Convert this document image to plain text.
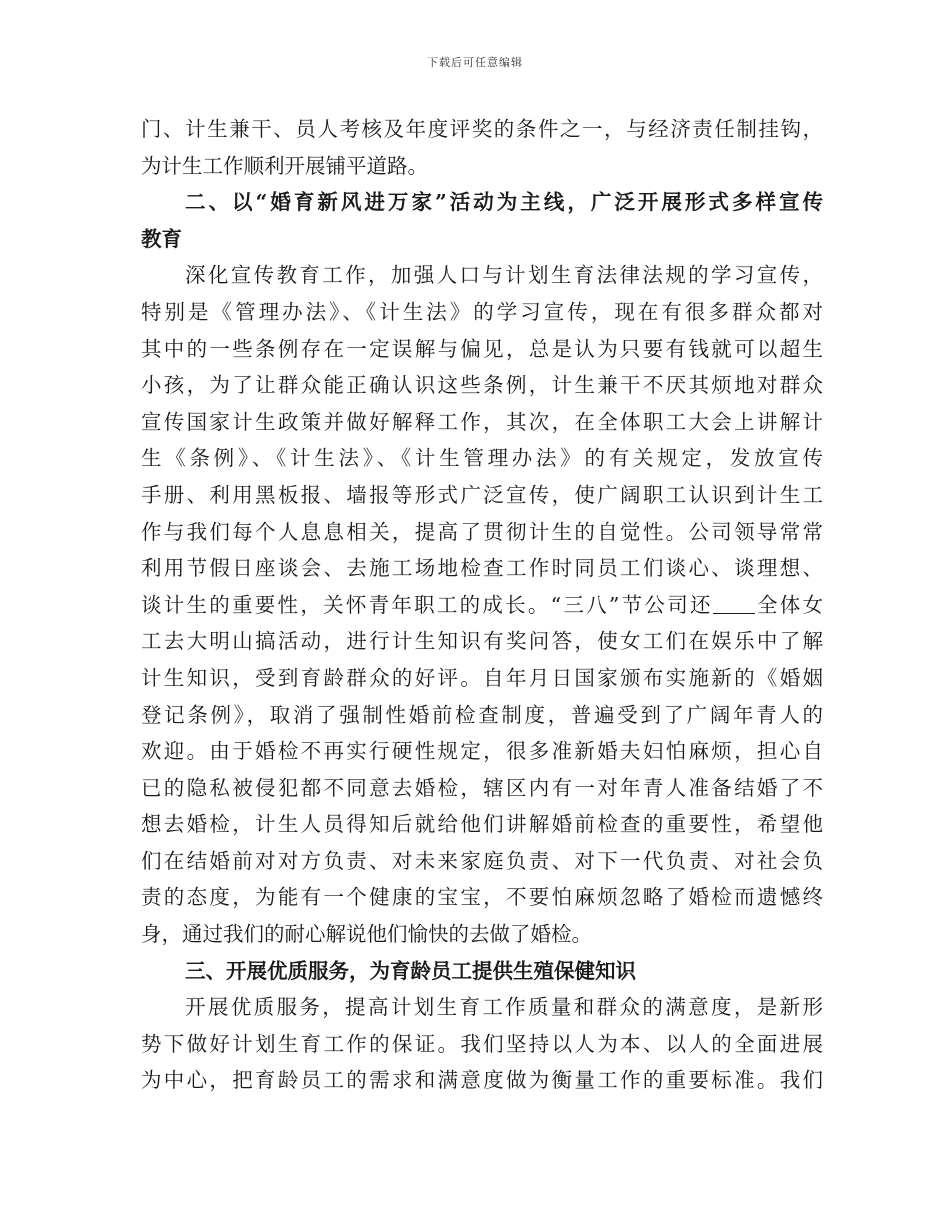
下载后可任意编辑
门、计生兼干、员人考核及年度评奖的条件之一，与经济责任制挂钩，
为计生工作顺利开展铺平道路。
二、以“婚育新风进万家”活动为主线，广泛开展形式多样宣传
教育
深化宣传教育工作，加强人口与计划生育法律法规的学习宣传，
特别是《管理办法》、《计生法》的学习宣传，现在有很多群众都对
其中的一些条例存在一定误解与偏见，总是认为只要有钱就可以超生
小孩，为了让群众能正确认识这些条例，计生兼干不厌其烦地对群众
宣传国家计生政策并做好解释工作，其次，在全体职工大会上讲解计
生《条例》、《计生法》、《计生管理办法》的有关规定，发放宣传
手册、利用黑板报、墙报等形式广泛宣传，使广阔职工认识到计生工
作与我们每个人息息相关，提高了贯彻计生的自觉性。公司领导常常
利用节假日座谈会、去施工场地检查工作时同员工们谈心、谈理想、
谈计生的重要性，关怀青年职工的成长。“三八”节公司还 全体女
工去大明山搞活动，进行计生知识有奖问答，使女工们在娱乐中了解
计生知识，受到育龄群众的好评。自年月日国家颁布实施新的《婚姻
登记条例》，取消了强制性婚前检查制度，普遍受到了广阔年青人的
欢迎。由于婚检不再实行硬性规定，很多准新婚夫妇怕麻烦，担心自
已的隐私被侵犯都不同意去婚检，辖区内有一对年青人准备结婚了不
想去婚检，计生人员得知后就给他们讲解婚前检查的重要性，希望他
们在结婚前对对方负责、对未来家庭负责、对下一代负责、对社会负
责的态度，为能有一个健康的宝宝，不要怕麻烦忽略了婚检而遗憾终
身，通过我们的耐心解说他们愉快的去做了婚检。
三、开展优质服务，为育龄员工提供生殖保健知识
开展优质服务，提高计划生育工作质量和群众的满意度，是新形
势下做好计划生育工作的保证。我们坚持以人为本、以人的全面进展
为中心，把育龄员工的需求和满意度做为衡量工作的重要标准。我们
